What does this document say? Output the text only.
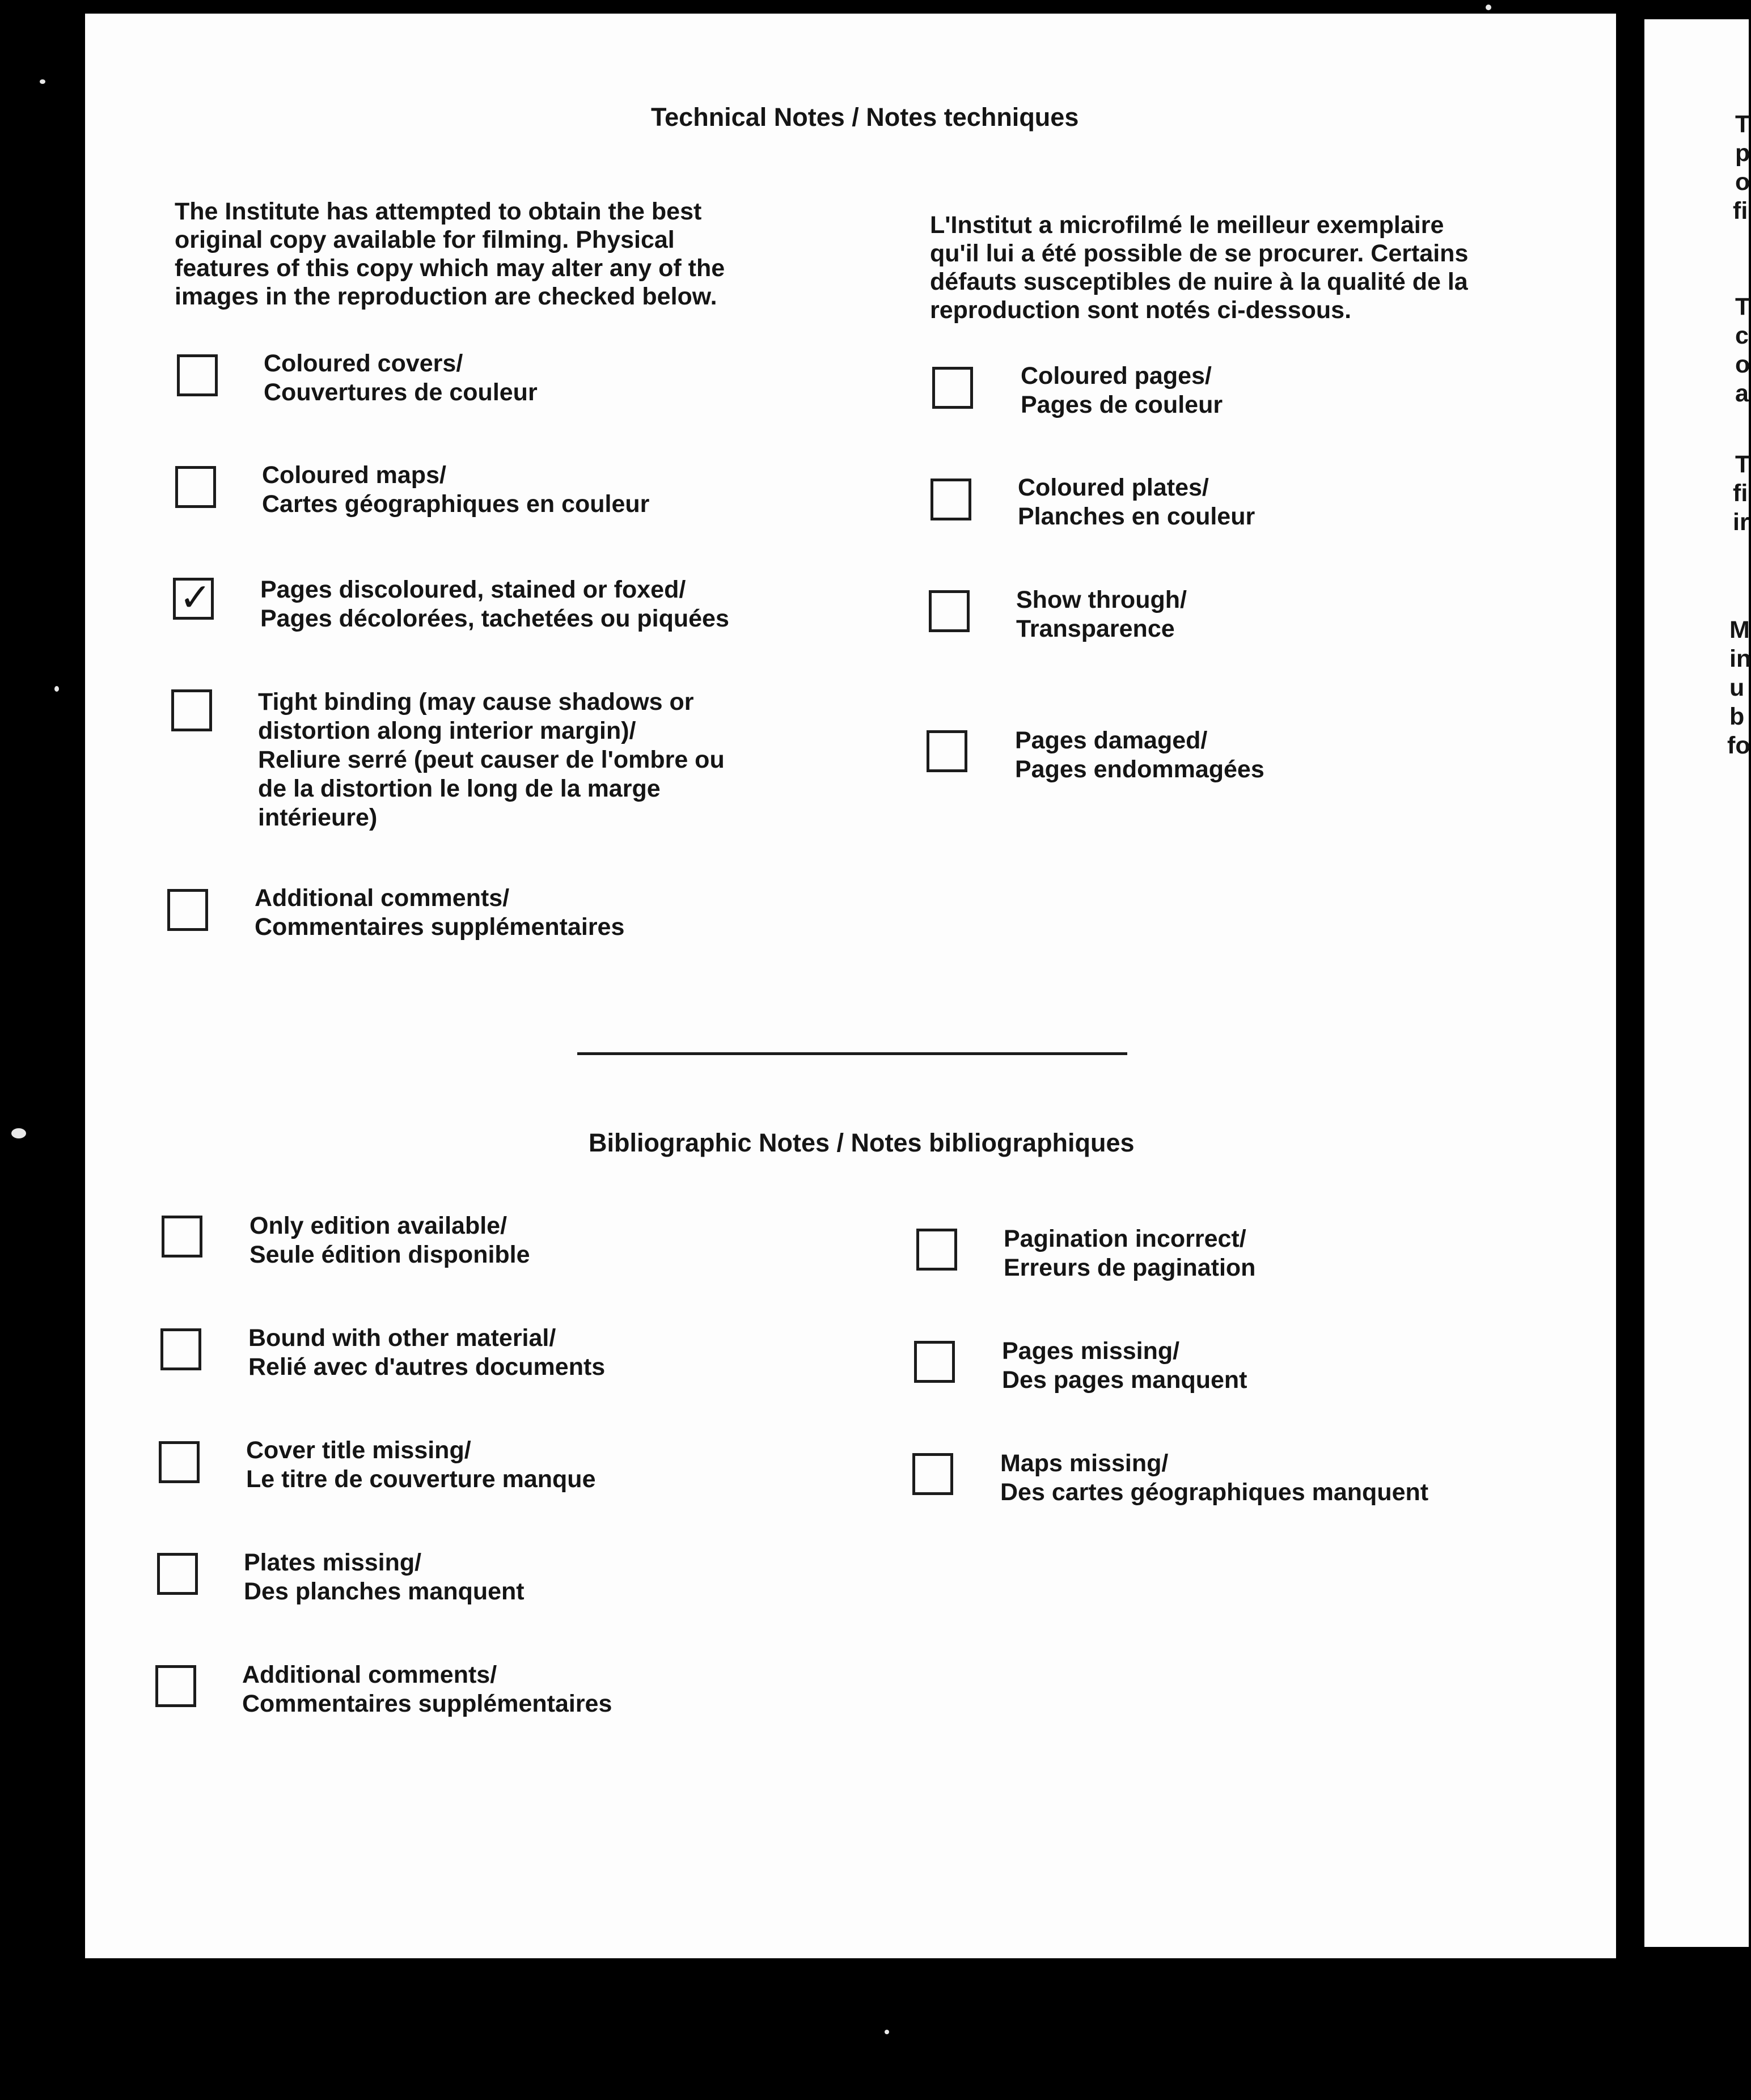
Technical Notes / Notes techniques
The Institute has attempted to obtain the best
original copy available for filming. Physical
features of this copy which may alter any of the
images in the reproduction are checked below.
L'Institut a microfilmé le meilleur exemplaire
qu'il lui a été possible de se procurer. Certains
défauts susceptibles de nuire à la qualité de la
reproduction sont notés ci-dessous.
Coloured covers/
Couvertures de couleur
Coloured maps/
Cartes géographiques en couleur
✓ Pages discoloured, stained or foxed/
Pages décolorées, tachetées ou piquées
Tight binding (may cause shadows or
distortion along interior margin)/
Reliure serré (peut causer de l'ombre ou
de la distortion le long de la marge
intérieure)
Additional comments/
Commentaires supplémentaires
Coloured pages/
Pages de couleur
Coloured plates/
Planches en couleur
Show through/
Transparence
Pages damaged/
Pages endommagées
Bibliographic Notes / Notes bibliographiques
Only edition available/
Seule édition disponible
Bound with other material/
Relié avec d'autres documents
Cover title missing/
Le titre de couverture manque
Plates missing/
Des planches manquent
Additional comments/
Commentaires supplémentaires
Pagination incorrect/
Erreurs de pagination
Pages missing/
Des pages manquent
Maps missing/
Des cartes géographiques manquent
T
p
o
fi
T
c
o
a
T
fi
ir
M
in
u
b
fo
